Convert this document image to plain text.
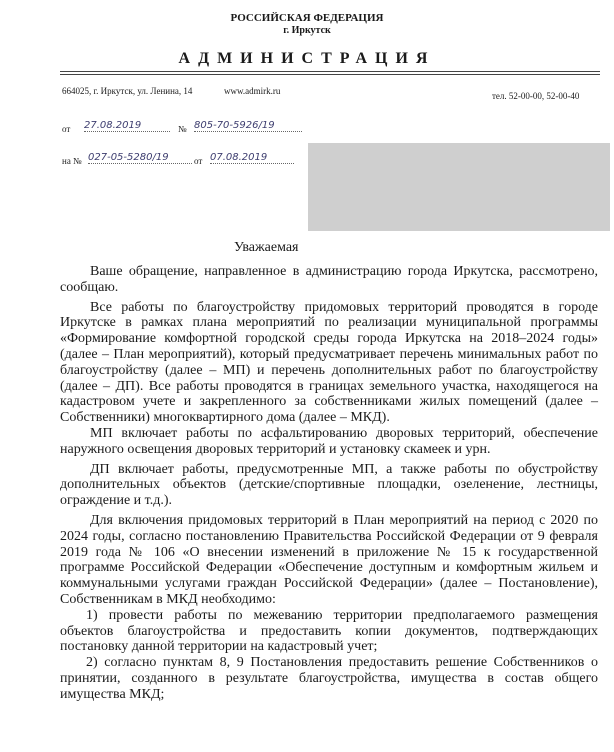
РОССИЙСКАЯ ФЕДЕРАЦИЯ
г. Иркутск
АДМИНИСТРАЦИЯ
664025, г. Иркутск, ул. Ленина, 14	www.admirk.ru	тел. 52-00-00, 52-00-40
от 27.08.2019	№ 805-70-5926/19
на № 027-05-5280/19	от 07.08.2019
Уважаемая

Ваше обращение, направленное в администрацию города Иркутска, рассмотрено, сообщаю.

Все работы по благоустройству придомовых территорий проводятся в городе Иркутске в рамках плана мероприятий по реализации муниципальной программы «Формирование комфортной городской среды города Иркутска на 2018–2024 годы» (далее – План мероприятий), который предусматривает перечень минимальных работ по благоустройству (далее – МП) и перечень дополнительных работ по благоустройству (далее – ДП). Все работы проводятся в границах земельного участка, находящегося на кадастровом учете и закрепленного за собственниками жилых помещений (далее – Собственники) многоквартирного дома (далее – МКД).

МП включает работы по асфальтированию дворовых территорий, обеспечение наружного освещения дворовых территорий и установку скамеек и урн.

ДП включает работы, предусмотренные МП, а также работы по обустройству дополнительных объектов (детские/спортивные площадки, озеленение, лестницы, ограждение и т.д.).

Для включения придомовых территорий в План мероприятий на период с 2020 по 2024 годы, согласно постановлению Правительства Российской Федерации от 9 февраля 2019 года № 106 «О внесении изменений в приложение № 15 к государственной программе Российской Федерации «Обеспечение доступным и комфортным жильем и коммунальными услугами граждан Российской Федерации» (далее – Постановление), Собственникам в МКД необходимо:

1) провести работы по межеванию территории предполагаемого размещения объектов благоустройства и предоставить копии документов, подтверждающих постановку данной территории на кадастровый учет;

2) согласно пунктам 8, 9 Постановления предоставить решение Собственников о принятии, созданного в результате благоустройства, имущества в состав общего имущества МКД;
